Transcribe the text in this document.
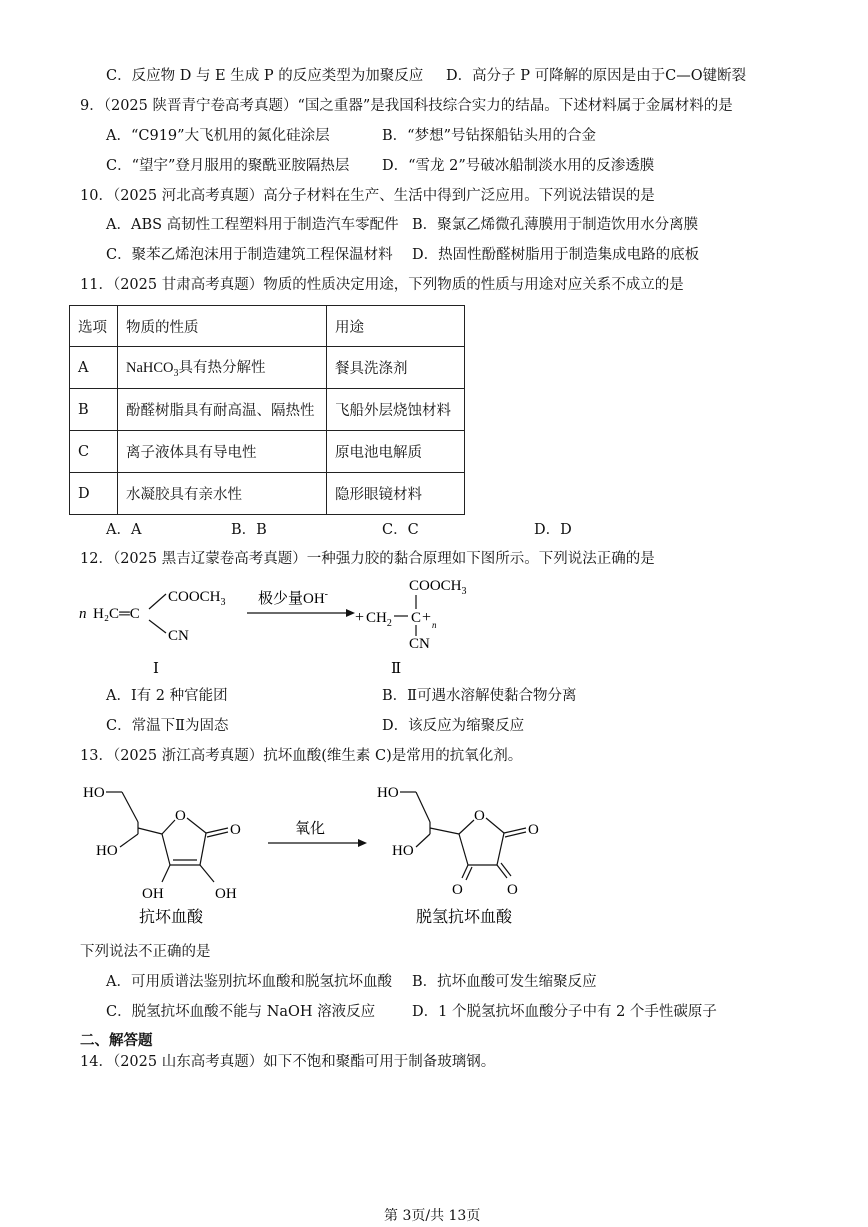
C．反应物 D 与 E 生成 P 的反应类型为加聚反应 D．高分子 P 可降解的原因是由于C—O键断裂
9．（2025 陕晋青宁卷高考真题）“国之重器”是我国科技综合实力的结晶。下述材料属于金属材料的是
A．“C919”大飞机用的氮化硅涂层	B．“梦想”号钻探船钻头用的合金
C．“望宇”登月服用的聚酰亚胺隔热层 D．“雪龙 2”号破冰船制淡水用的反渗透膜
10．（2025 河北高考真题）高分子材料在生产、生活中得到广泛应用。下列说法错误的是
A．ABS 高韧性工程塑料用于制造汽车零配件 B．聚氯乙烯微孔薄膜用于制造饮用水分离膜
C．聚苯乙烯泡沫用于制造建筑工程保温材料 D．热固性酚醛树脂用于制造集成电路的底板
11．（2025 甘肃高考真题）物质的性质决定用途，下列物质的性质与用途对应关系不成立的是
选项	物质的性质	用途
A	NaHCO$_3$具有热分解性	餐具洗涤剂
B	酚醛树脂具有耐高温、隔热性	飞船外层烧蚀材料
C	离子液体具有导电性	原电池电解质
D	水凝胶具有亲水性	隐形眼镜材料
A．A	B．B	C．C	D．D
12．（2025 黑吉辽蒙卷高考真题）一种强力胶的黏合原理如下图所示。下列说法正确的是
n H₂C═C
$COOCH_3$
CN
Ⅰ
极少量OH-
+ $CH_2$ C + n
$COOCH_3$
CN
Ⅱ
A．Ⅰ有 2 种官能团	B．Ⅱ可遇水溶解使黏合物分离
C．常温下Ⅱ为固态	D．该反应为缩聚反应
13．（2025 浙江高考真题）抗坏血酸(维生素 C)是常用的抗氧化剂。
HO
HO
O
O
OH	OH
抗坏血酸
氧化
HO
HO
O
O
O	O
脱氢抗坏血酸
下列说法不正确的是
A．可用质谱法鉴别抗坏血酸和脱氢抗坏血酸 B．抗坏血酸可发生缩聚反应
C．脱氢抗坏血酸不能与 NaOH 溶液反应	D．1 个脱氢抗坏血酸分子中有 2 个手性碳原子
二、解答题
14．（2025 山东高考真题）如下不饱和聚酯可用于制备玻璃钢。
第 3页/共 13页
